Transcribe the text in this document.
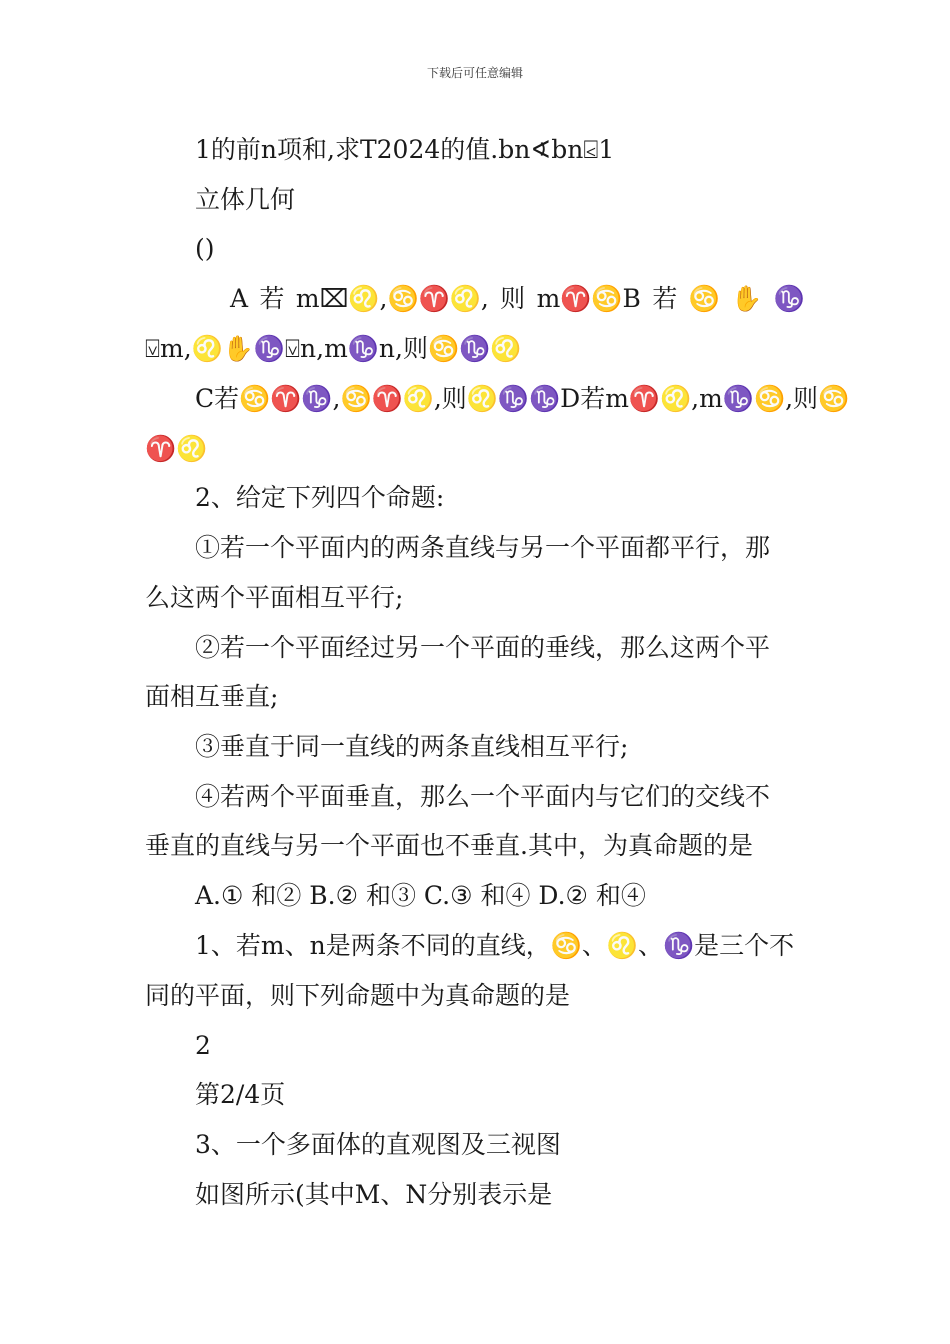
下载后可任意编辑
1的前n项和,求T2024的值.bn∢bn⍃1
立体几何
()
A 若 m⌧♌,♋♈♌, 则 m♈♋B 若 ♋ ✋ ♑
⍌m,♌✋♑⍌n,m♑n,则♋♑♌
C若♋♈♑,♋♈♌,则♌♑♑D若m♈♌,m♑♋,则♋
♈♌
2、给定下列四个命题:
①若一个平面内的两条直线与另一个平面都平行，那
么这两个平面相互平行;
②若一个平面经过另一个平面的垂线，那么这两个平
面相互垂直;
③垂直于同一直线的两条直线相互平行;
④若两个平面垂直，那么一个平面内与它们的交线不
垂直的直线与另一个平面也不垂直.其中，为真命题的是
A.① 和② B.② 和③ C.③ 和④ D.② 和④
1、若m、n是两条不同的直线，♋、♌、♑是三个不
同的平面，则下列命题中为真命题的是
2
第2/4页
3、一个多面体的直观图及三视图
如图所示(其中M、N分别表示是
